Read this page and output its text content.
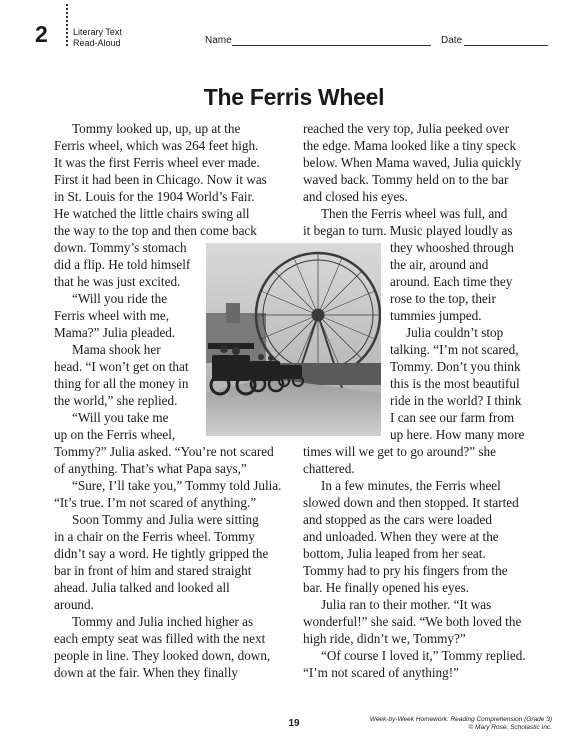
2	Literary Text
Read-Aloud	Name	Date
The Ferris Wheel
Tommy looked up, up, up at the
Ferris wheel, which was 264 feet high.
It was the first Ferris wheel ever made.
First it had been in Chicago. Now it was
in St. Louis for the 1904 World’s Fair.
He watched the little chairs swing all
the way to the top and then come back
down. Tommy’s stomach
did a flip. He told himself
that he was just excited.
“Will you ride the
Ferris wheel with me,
Mama?” Julia pleaded.
Mama shook her
head. “I won’t get on that
thing for all the money in
the world,” she replied.
“Will you take me
up on the Ferris wheel,
Tommy?” Julia asked. “You’re not scared
of anything. That’s what Papa says,”
“Sure, I’ll take you,” Tommy told Julia.
“It’s true. I’m not scared of anything.”
Soon Tommy and Julia were sitting
in a chair on the Ferris wheel. Tommy
didn’t say a word. He tightly gripped the
bar in front of him and stared straight
ahead. Julia talked and looked all
around.
Tommy and Julia inched higher as
each empty seat was filled with the next
people in line. They looked down, down,
down at the fair. When they finally
reached the very top, Julia peeked over
the edge. Mama looked like a tiny speck
below. When Mama waved, Julia quickly
waved back. Tommy held on to the bar
and closed his eyes.
Then the Ferris wheel was full, and
it began to turn. Music played loudly as
they whooshed through
the air, around and
around. Each time they
rose to the top, their
tummies jumped.
Julia couldn’t stop
talking. “I’m not scared,
Tommy. Don’t you think
this is the most beautiful
ride in the world? I think
I can see our farm from
up here. How many more
times will we get to go around?” she
chattered.
In a few minutes, the Ferris wheel
slowed down and then stopped. It started
and stopped as the cars were loaded
and unloaded. When they were at the
bottom, Julia leaped from her seat.
Tommy had to pry his fingers from the
bar. He finally opened his eyes.
Julia ran to their mother. “It was
wonderful!” she said. “We both loved the
high ride, didn’t we, Tommy?”
“Of course I loved it,” Tommy replied.
“I’m not scared of anything!”
19	Week-by-Week Homework: Reading Comprehension (Grade 3)
© Mary Rose, Scholastic Inc.
